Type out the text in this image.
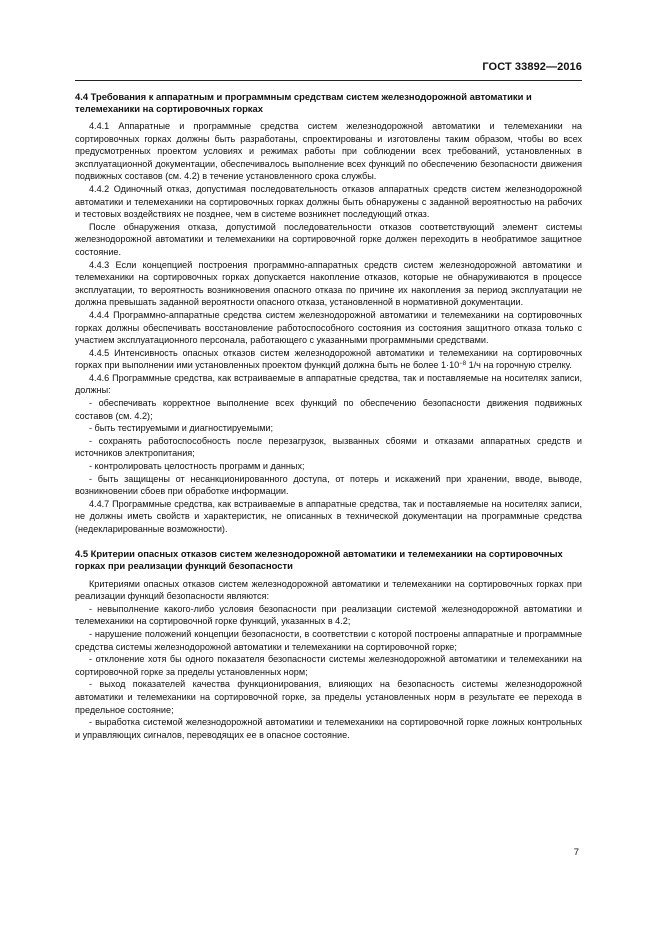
ГОСТ 33892—2016
4.4 Требования к аппаратным и программным средствам систем железнодорожной автоматики и телемеханики на сортировочных горках

4.4.1 Аппаратные и программные средства систем железнодорожной автоматики и телемеханики на сортировочных горках должны быть разработаны, спроектированы и изготовлены таким образом, чтобы во всех предусмотренных проектом условиях и режимах работы при соблюдении всех требований, установленных в эксплуатационной документации, обеспечивалось выполнение всех функций по обеспечению безопасности движения подвижных составов (см. 4.2) в течение установленного срока службы.

4.4.2 Одиночный отказ, допустимая последовательность отказов аппаратных средств систем железнодорожной автоматики и телемеханики на сортировочных горках должны быть обнаружены с заданной вероятностью на рабочих и тестовых воздействиях не позднее, чем в системе возникнет последующий отказ.

После обнаружения отказа, допустимой последовательности отказов соответствующий элемент системы железнодорожной автоматики и телемеханики на сортировочной горке должен переходить в необратимое защитное состояние.

4.4.3 Если концепцией построения программно-аппаратных средств систем железнодорожной автоматики и телемеханики на сортировочных горках допускается накопление отказов, которые не обнаруживаются в процессе эксплуатации, то вероятность возникновения опасного отказа по причине их накопления за период эксплуатации не должна превышать заданной вероятности опасного отказа, установленной в нормативной документации.

4.4.4 Программно-аппаратные средства систем железнодорожной автоматики и телемеханики на сортировочных горках должны обеспечивать восстановление работоспособного состояния из состояния защитного отказа только с участием эксплуатационного персонала, работающего с указанными программными средствами.

4.4.5 Интенсивность опасных отказов систем железнодорожной автоматики и телемеханики на сортировочных горках при выполнении ими установленных проектом функций должна быть не более $1\cdot 10^{-8}$ 1/ч на горочную стрелку.

4.4.6 Программные средства, как встраиваемые в аппаратные средства, так и поставляемые на носителях записи, должны:

- обеспечивать корректное выполнение всех функций по обеспечению безопасности движения подвижных составов (см. 4.2);

- быть тестируемыми и диагностируемыми;

- сохранять работоспособность после перезагрузок, вызванных сбоями и отказами аппаратных средств и источников электропитания;

- контролировать целостность программ и данных;

- быть защищены от несанкционированного доступа, от потерь и искажений при хранении, вводе, выводе, возникновении сбоев при обработке информации.

4.4.7 Программные средства, как встраиваемые в аппаратные средства, так и поставляемые на носителях записи, не должны иметь свойств и характеристик, не описанных в технической документации на программные средства (недекларированные возможности).

4.5 Критерии опасных отказов систем железнодорожной автоматики и телемеханики на сортировочных горках при реализации функций безопасности

Критериями опасных отказов систем железнодорожной автоматики и телемеханики на сортировочных горках при реализации функций безопасности являются:

- невыполнение какого-либо условия безопасности при реализации системой железнодорожной автоматики и телемеханики на сортировочной горке функций, указанных в 4.2;

- нарушение положений концепции безопасности, в соответствии с которой построены аппаратные и программные средства системы железнодорожной автоматики и телемеханики на сортировочной горке;

- отклонение хотя бы одного показателя безопасности системы железнодорожной автоматики и телемеханики на сортировочной горке за пределы установленных норм;

- выход показателей качества функционирования, влияющих на безопасность системы железнодорожной автоматики и телемеханики на сортировочной горке, за пределы установленных норм в результате ее перехода в предельное состояние;

- выработка системой железнодорожной автоматики и телемеханики на сортировочной горке ложных контрольных и управляющих сигналов, переводящих ее в опасное состояние.

7
